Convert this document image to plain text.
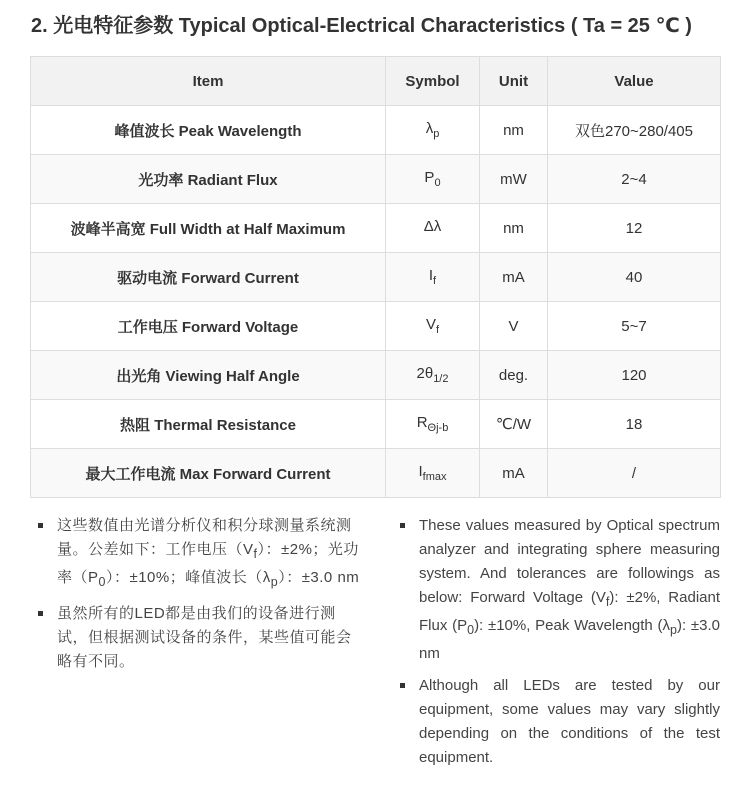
2. 光电特征参数 Typical Optical-Electrical Characteristics ( Ta = 25 ℃ )
Item	Symbol	Unit	Value
峰值波长 Peak Wavelength	$\lambda_p$	nm	双色270~280/405
光功率 Radiant Flux	$P_0$	mW	2~4
波峰半高宽 Full Width at Half Maximum	Δλ	nm	12
驱动电流 Forward Current	$I_f$	mA	40
工作电压 Forward Voltage	$V_f$	V	5~7
出光角 Viewing Half Angle	$2\theta_{1/2}$	deg.	120
热阻 Thermal Resistance	$R_{\Theta j-b}$	℃/W	18
最大工作电流 Max Forward Current	$I_{fmax}$	mA	/
这些数值由光谱分析仪和积分球测量系统测量。公差如下：工作电压$(V_f)$：±2%；光功率$(P_0)$：±10%；峰值波长$(\lambda_p)$：±3.0 nm
虽然所有的LED都是由我们的设备进行测试，但根据测试设备的条件，某些值可能会略有不同。
These values measured by Optical spectrum analyzer and integrating sphere measuring system. And tolerances are followings as below: Forward Voltage $(V_f)$: ±2%, Radiant Flux $(P_0)$: ±10%, Peak Wavelength $(\lambda_p)$: ±3.0 nm
Although all LEDs are tested by our equipment, some values may vary slightly depending on the conditions of the test equipment.
